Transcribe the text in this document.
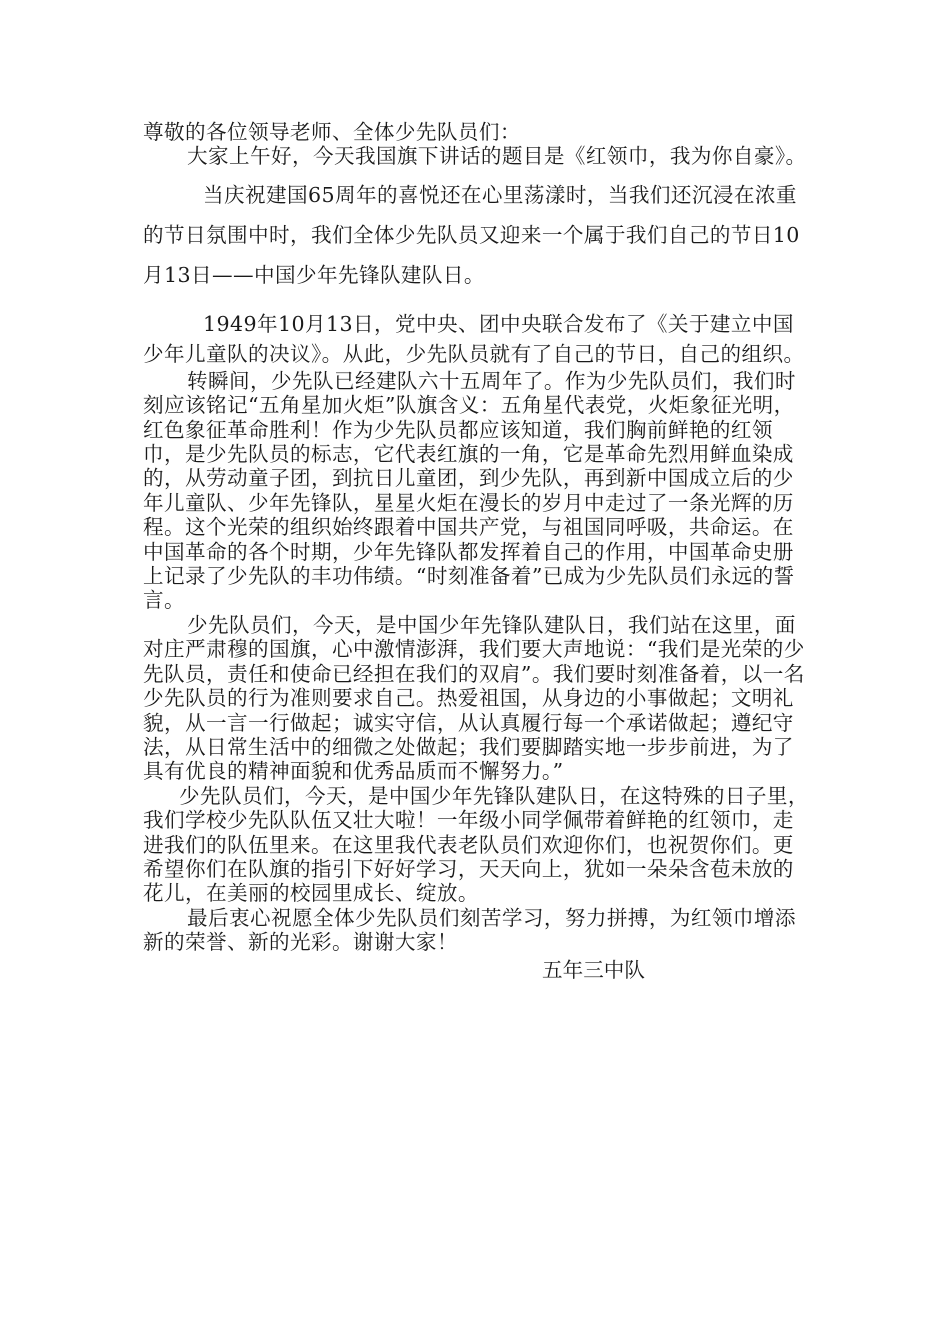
尊敬的各位领导老师、全体少先队员们：

大家上午好，今天我国旗下讲话的题目是《红领巾，我为你自豪》。

当庆祝建国65周年的喜悦还在心里荡漾时，当我们还沉浸在浓重的节日氛围中时，我们全体少先队员又迎来一个属于我们自己的节日10月13日——中国少年先锋队建队日。

1949年10月13日，党中央、团中央联合发布了《关于建立中国少年儿童队的决议》。从此，少先队员就有了自己的节日，自己的组织。

转瞬间，少先队已经建队六十五周年了。作为少先队员们，我们时刻应该铭记“五角星加火炬”队旗含义：五角星代表党，火炬象征光明，红色象征革命胜利！作为少先队员都应该知道，我们胸前鲜艳的红领巾，是少先队员的标志，它代表红旗的一角，它是革命先烈用鲜血染成的，从劳动童子团，到抗日儿童团，到少先队，再到新中国成立后的少年儿童队、少年先锋队，星星火炬在漫长的岁月中走过了一条光辉的历程。这个光荣的组织始终跟着中国共产党，与祖国同呼吸，共命运。在中国革命的各个时期，少年先锋队都发挥着自己的作用，中国革命史册上记录了少先队的丰功伟绩。“时刻准备着”已成为少先队员们永远的誓言。

少先队员们，今天，是中国少年先锋队建队日，我们站在这里，面对庄严肃穆的国旗，心中激情澎湃，我们要大声地说：“我们是光荣的少先队员，责任和使命已经担在我们的双肩”。我们要时刻准备着，以一名少先队员的行为准则要求自己。热爱祖国，从身边的小事做起；文明礼貌，从一言一行做起；诚实守信，从认真履行每一个承诺做起；遵纪守法，从日常生活中的细微之处做起；我们要脚踏实地一步步前进，为了具有优良的精神面貌和优秀品质而不懈努力。”

少先队员们，今天，是中国少年先锋队建队日，在这特殊的日子里，我们学校少先队队伍又壮大啦！一年级小同学佩带着鲜艳的红领巾，走进我们的队伍里来。在这里我代表老队员们欢迎你们，也祝贺你们。更希望你们在队旗的指引下好好学习，天天向上，犹如一朵朵含苞未放的花儿，在美丽的校园里成长、绽放。

最后衷心祝愿全体少先队员们刻苦学习，努力拼搏，为红领巾增添新的荣誉、新的光彩。谢谢大家！

五年三中队
